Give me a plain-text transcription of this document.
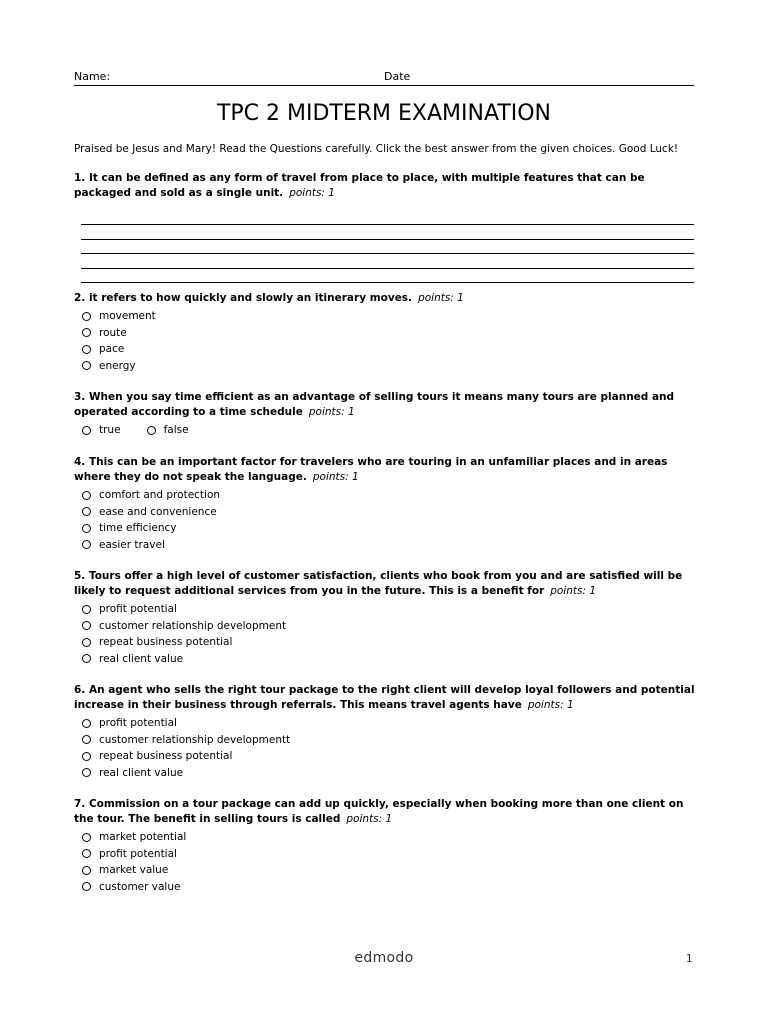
Name:	Date
TPC 2 MIDTERM EXAMINATION
Praised be Jesus and Mary! Read the Questions carefully. Click the best answer from the given choices. Good Luck!

1. It can be defined as any form of travel from place to place, with multiple features that can be packaged and sold as a single unit. points: 1

2. it refers to how quickly and slowly an itinerary moves. points: 1

movement
route
pace
energy

3. When you say time efficient as an advantage of selling tours it means many tours are planned and operated according to a time schedule points: 1

true	false

4. This can be an important factor for travelers who are touring in an unfamiliar places and in areas where they do not speak the language. points: 1

comfort and protection
ease and convenience
time efficiency
easier travel

5. Tours offer a high level of customer satisfaction, clients who book from you and are satisfied will be likely to request additional services from you in the future. This is a benefit for points: 1

profit potential
customer relationship development
repeat business potential
real client value

6. An agent who sells the right tour package to the right client will develop loyal followers and potential increase in their business through referrals. This means travel agents have points: 1

profit potential
customer relationship developmentt
repeat business potential
real client value

7. Commission on a tour package can add up quickly, especially when booking more than one client on the tour. The benefit in selling tours is called points: 1

market potential
profit potential
market value
customer value
edmodo	1
